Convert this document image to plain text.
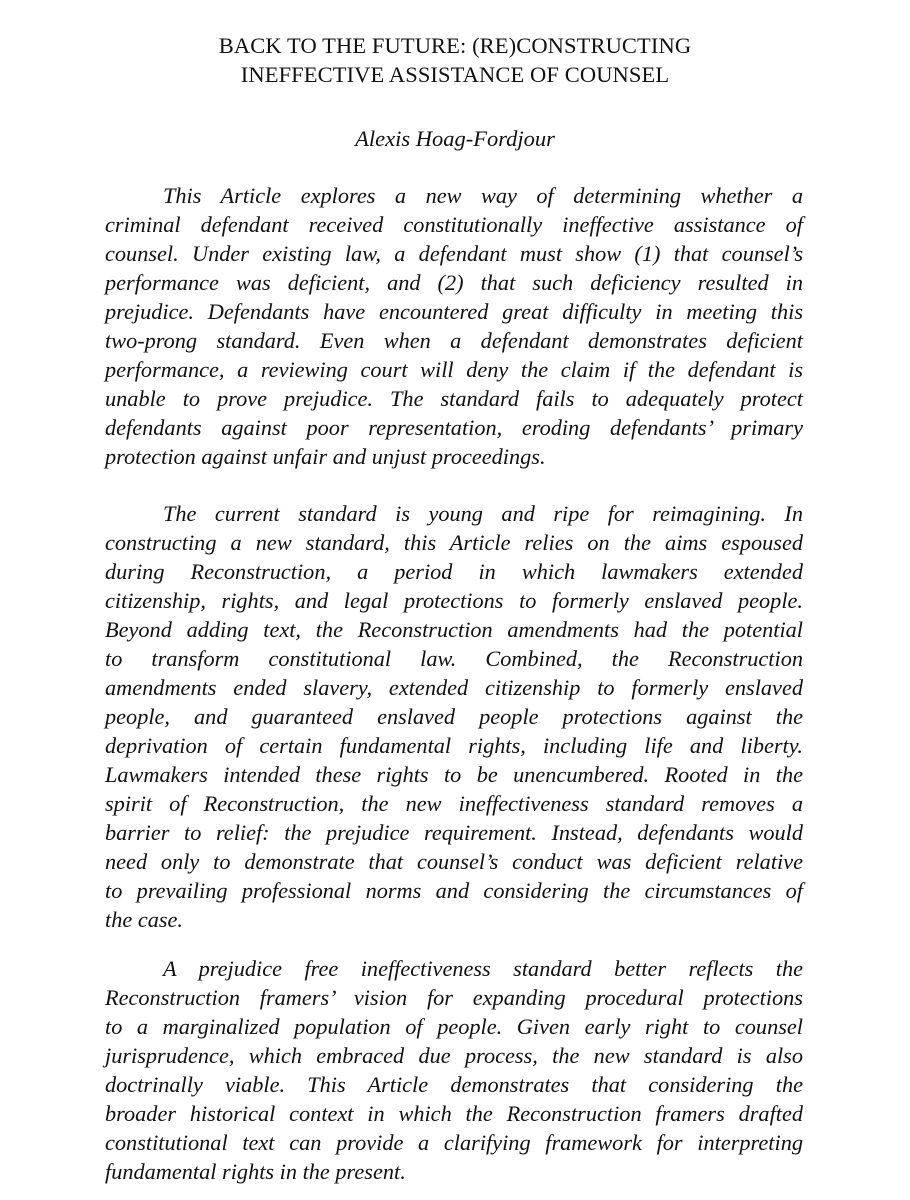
BACK TO THE FUTURE: (RE)CONSTRUCTING
INEFFECTIVE ASSISTANCE OF COUNSEL
Alexis Hoag-Fordjour
This Article explores a new way of determining whether a
criminal defendant received constitutionally ineffective assistance of
counsel. Under existing law, a defendant must show (1) that counsel’s
performance was deficient, and (2) that such deficiency resulted in
prejudice. Defendants have encountered great difficulty in meeting this
two-prong standard. Even when a defendant demonstrates deficient
performance, a reviewing court will deny the claim if the defendant is
unable to prove prejudice. The standard fails to adequately protect
defendants against poor representation, eroding defendants’ primary
protection against unfair and unjust proceedings.
The current standard is young and ripe for reimagining. In
constructing a new standard, this Article relies on the aims espoused
during Reconstruction, a period in which lawmakers extended
citizenship, rights, and legal protections to formerly enslaved people.
Beyond adding text, the Reconstruction amendments had the potential
to transform constitutional law. Combined, the Reconstruction
amendments ended slavery, extended citizenship to formerly enslaved
people, and guaranteed enslaved people protections against the
deprivation of certain fundamental rights, including life and liberty.
Lawmakers intended these rights to be unencumbered. Rooted in the
spirit of Reconstruction, the new ineffectiveness standard removes a
barrier to relief: the prejudice requirement. Instead, defendants would
need only to demonstrate that counsel’s conduct was deficient relative
to prevailing professional norms and considering the circumstances of
the case.
A prejudice free ineffectiveness standard better reflects the
Reconstruction framers’ vision for expanding procedural protections
to a marginalized population of people. Given early right to counsel
jurisprudence, which embraced due process, the new standard is also
doctrinally viable. This Article demonstrates that considering the
broader historical context in which the Reconstruction framers drafted
constitutional text can provide a clarifying framework for interpreting
fundamental rights in the present.
